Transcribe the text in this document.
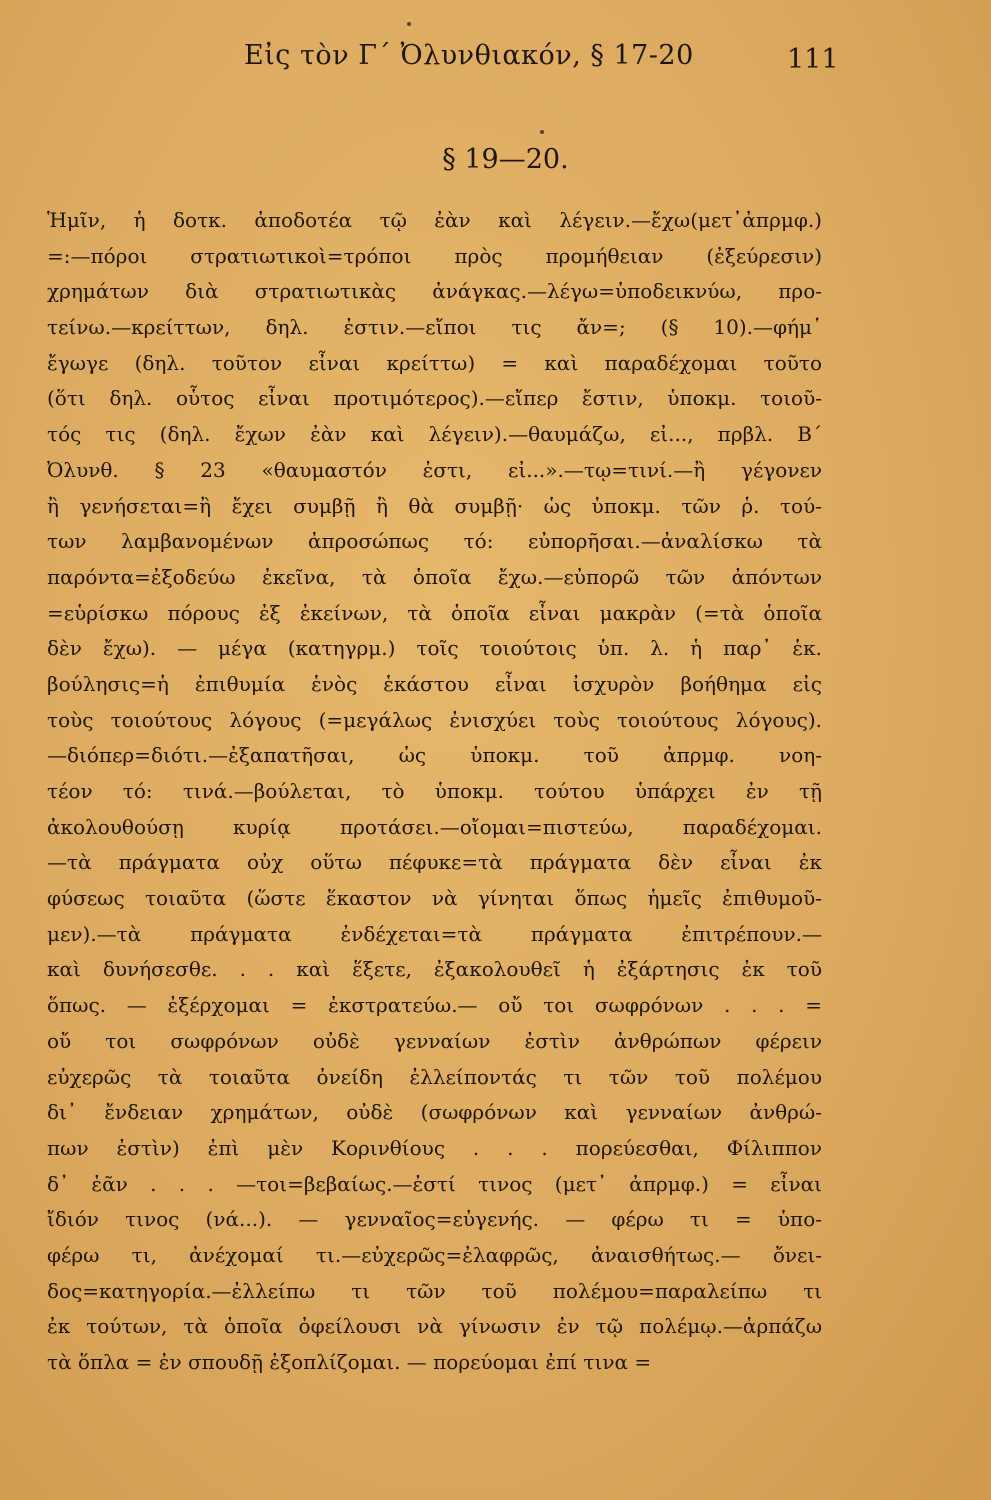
Εἰς τὸν Γ΄ Ὀλυνθιακόν, § 17-20	111
§ 19—20.
Ἡμῖν, ἡ δοτκ. ἀποδοτέα τῷ ἐὰν καὶ λέγειν.—ἔχω(μετ᾽ἀπρμφ.)
=:—πόροι στρατιωτικοὶ=τρόποι πρὸς προμήθειαν (ἐξεύρεσιν)
χρημάτων διὰ στρατιωτικὰς ἀνάγκας.—λέγω=ὑποδεικνύω, προ-
τείνω.—κρείττων, δηλ. ἐστιν.—εἴποι τις ἄν=; (§ 10).—φήμ᾽
ἔγωγε (δηλ. τοῦτον εἶναι κρείττω) = καὶ παραδέχομαι τοῦτο
(ὅτι δηλ. οὗτος εἶναι προτιμότερος).—εἴπερ ἔστιν, ὑποκμ. τοιοῦ-
τός τις (δηλ. ἔχων ἐὰν καὶ λέγειν).—θαυμάζω, εἰ..., πρβλ. Β΄
Ὀλυνθ. § 23 «θαυμαστόν ἐστι, εἰ...».—τῳ=τινί.—ἢ γέγονεν
ἢ γενήσεται=ἢ ἔχει συμβῇ ἢ θὰ συμβῇ· ὡς ὑποκμ. τῶν ῥ. τού-
των λαμβανομένων ἀπροσώπως τό: εὐπορῆσαι.—ἀναλίσκω τὰ
παρόντα=ἐξοδεύω ἐκεῖνα, τὰ ὁποῖα ἔχω.—εὐπορῶ τῶν ἀπόντων
=εὑρίσκω πόρους ἐξ ἐκείνων, τὰ ὁποῖα εἶναι μακρὰν (=τὰ ὁποῖα
δὲν ἔχω). — μέγα (κατηγρμ.) τοῖς τοιούτοις ὑπ. λ. ἡ παρ᾽ ἑκ.
βούλησις=ἡ ἐπιθυμία ἑνὸς ἑκάστου εἶναι ἰσχυρὸν βοήθημα εἰς
τοὺς τοιούτους λόγους (=μεγάλως ἐνισχύει τοὺς τοιούτους λόγους).
—διόπερ=διότι.—ἐξαπατῆσαι, ὡς ὑποκμ. τοῦ ἀπρμφ. νοη-
τέον τό: τινά.—βούλεται, τὸ ὑποκμ. τούτου ὑπάρχει ἐν τῇ
ἀκολουθούσῃ κυρίᾳ προτάσει.—οἴομαι=πιστεύω, παραδέχομαι.
—τὰ πράγματα οὐχ οὕτω πέφυκε=τὰ πράγματα δὲν εἶναι ἐκ
φύσεως τοιαῦτα (ὥστε ἕκαστον νὰ γίνηται ὅπως ἡμεῖς ἐπιθυμοῦ-
μεν).—τὰ πράγματα ἐνδέχεται=τὰ πράγματα ἐπιτρέπουν.—
καὶ δυνήσεσθε. . . καὶ ἕξετε, ἐξακολουθεῖ ἡ ἐξάρτησις ἐκ τοῦ
ὅπως. — ἐξέρχομαι = ἐκστρατεύω.— οὔ τοι σωφρόνων . . . =
οὔ τοι σωφρόνων οὐδὲ γενναίων ἐστὶν ἀνθρώπων φέρειν
εὐχερῶς τὰ τοιαῦτα ὀνείδη ἐλλείποντάς τι τῶν τοῦ πολέμου
δι᾽ ἔνδειαν χρημάτων, οὐδὲ (σωφρόνων καὶ γενναίων ἀνθρώ-
πων ἐστὶν) ἐπὶ μὲν Κορινθίους . . . πορεύεσθαι, Φίλιππον
δ᾽ ἐᾶν . . . —τοι=βεβαίως.—ἐστί τινος (μετ᾽ ἀπρμφ.) = εἶναι
ἴδιόν τινος (νά...). — γενναῖος=εὐγενής. — φέρω τι = ὑπο-
φέρω τι, ἀνέχομαί τι.—εὐχερῶς=ἐλαφρῶς, ἀναισθήτως.— ὄνει-
δος=κατηγορία.—ἐλλείπω τι τῶν τοῦ πολέμου=παραλείπω τι
ἐκ τούτων, τὰ ὁποῖα ὀφείλουσι νὰ γίνωσιν ἐν τῷ πολέμῳ.—ἁρπάζω
τὰ ὅπλα = ἐν σπουδῇ ἐξοπλίζομαι. — πορεύομαι ἐπί τινα =
